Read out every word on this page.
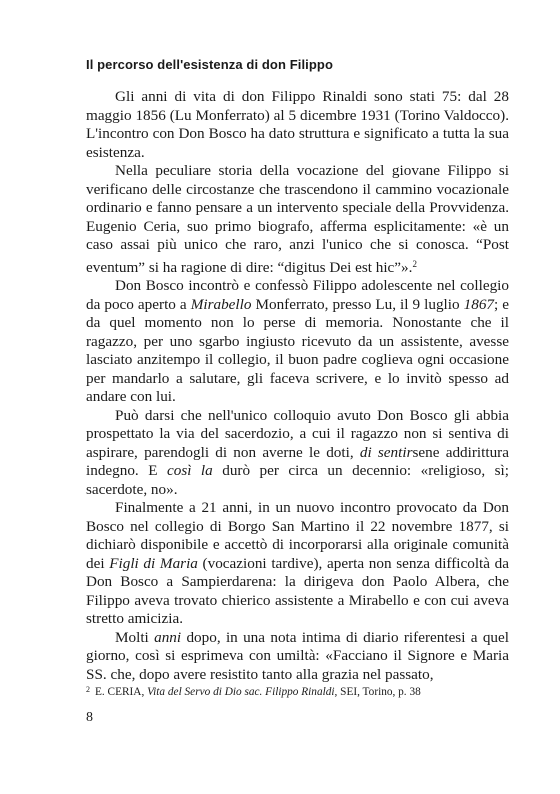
Il percorso dell'esistenza di don Filippo

Gli anni di vita di don Filippo Rinaldi sono stati 75: dal 28 maggio 1856 (Lu Monferrato) al 5 dicembre 1931 (Torino Valdocco). L'incontro con Don Bosco ha dato struttura e significato a tutta la sua esistenza.

Nella peculiare storia della vocazione del giovane Filippo si verificano delle circostanze che trascendono il cammino vocazionale ordinario e fanno pensare a un intervento speciale della Provvidenza. Eugenio Ceria, suo primo biografo, afferma esplicitamente: «è un caso assai più unico che raro, anzi l'unico che si conosca. “Post eventum” si ha ragione di dire: “digitus Dei est hic”».$^2$

Don Bosco incontrò e confessò Filippo adolescente nel collegio da poco aperto a Mirabello Monferrato, presso Lu, il 9 luglio 1867; e da quel momento non lo perse di memoria. Nonostante che il ragazzo, per uno sgarbo ingiusto ricevuto da un assistente, avesse lasciato anzitempo il collegio, il buon padre coglieva ogni occasione per mandarlo a salutare, gli faceva scrivere, e lo invitò spesso ad andare con lui.

Può darsi che nell'unico colloquio avuto Don Bosco gli abbia prospettato la via del sacerdozio, a cui il ragazzo non si sentiva di aspirare, parendogli di non averne le doti, di sentirsene addirittura indegno. E così la durò per circa un decennio: «religioso, sì; sacerdote, no».

Finalmente a 21 anni, in un nuovo incontro provocato da Don Bosco nel collegio di Borgo San Martino il 22 novembre 1877, si dichiarò disponibile e accettò di incorporarsi alla originale comunità dei Figli di Maria (vocazioni tardive), aperta non senza difficoltà da Don Bosco a Sampierdarena: la dirigeva don Paolo Albera, che Filippo aveva trovato chierico assistente a Mirabello e con cui aveva stretto amicizia.

Molti anni dopo, in una nota intima di diario riferentesi a quel giorno, così si esprimeva con umiltà: «Facciano il Signore e Maria SS. che, dopo avere resistito tanto alla grazia nel passato,

$^2$ E. CERIA, Vita del Servo di Dio sac. Filippo Rinaldi, SEI, Torino, p. 38
8
